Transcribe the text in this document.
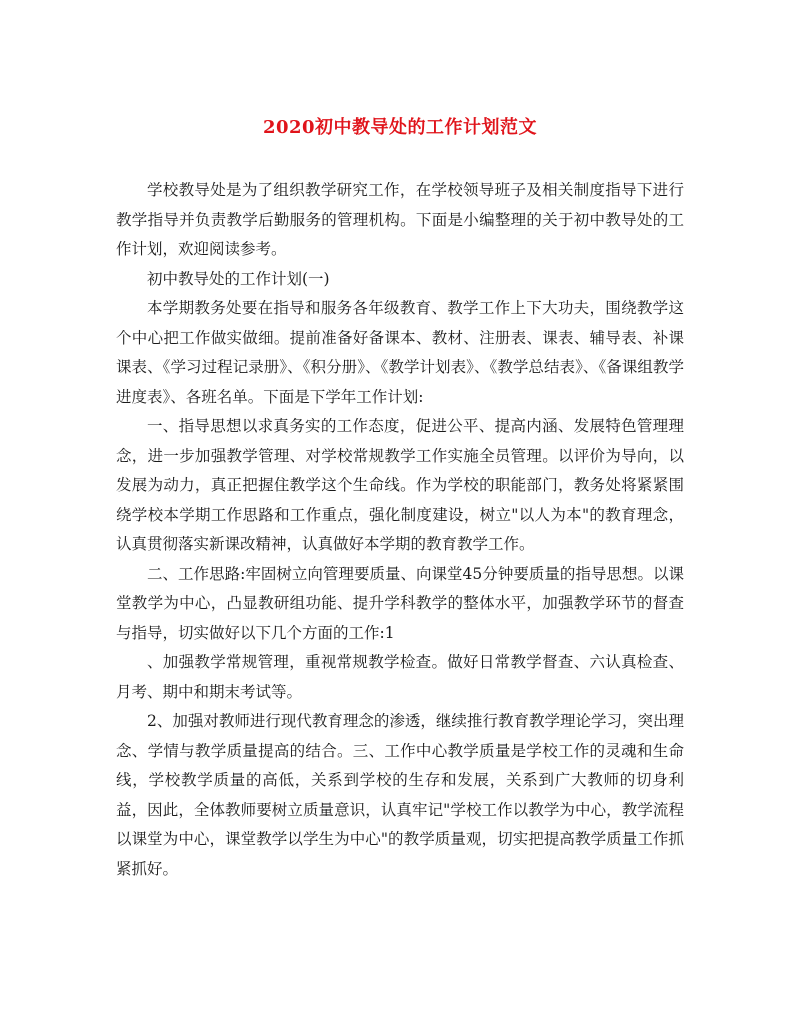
2020初中教导处的工作计划范文

学校教导处是为了组织教学研究工作，在学校领导班子及相关制度指导下进行教学指导并负责教学后勤服务的管理机构。下面是小编整理的关于初中教导处的工作计划，欢迎阅读参考。

初中教导处的工作计划(一)

本学期教务处要在指导和服务各年级教育、教学工作上下大功夫，围绕教学这个中心把工作做实做细。提前准备好备课本、教材、注册表、课表、辅导表、补课课表、《学习过程记录册》、《积分册》、《教学计划表》、《教学总结表》、《备课组教学进度表》、各班名单。下面是下学年工作计划:

一、指导思想以求真务实的工作态度，促进公平、提高内涵、发展特色管理理念，进一步加强教学管理、对学校常规教学工作实施全员管理。以评价为导向，以发展为动力，真正把握住教学这个生命线。作为学校的职能部门，教务处将紧紧围绕学校本学期工作思路和工作重点，强化制度建设，树立"以人为本"的教育理念，认真贯彻落实新课改精神，认真做好本学期的教育教学工作。

二、工作思路:牢固树立向管理要质量、向课堂45分钟要质量的指导思想。以课堂教学为中心，凸显教研组功能、提升学科教学的整体水平，加强教学环节的督查与指导，切实做好以下几个方面的工作:1

、加强教学常规管理，重视常规教学检查。做好日常教学督查、六认真检查、月考、期中和期末考试等。

2、加强对教师进行现代教育理念的渗透，继续推行教育教学理论学习，突出理念、学情与教学质量提高的结合。三、工作中心教学质量是学校工作的灵魂和生命线，学校教学质量的高低，关系到学校的生存和发展，关系到广大教师的切身利益，因此，全体教师要树立质量意识，认真牢记"学校工作以教学为中心，教学流程以课堂为中心，课堂教学以学生为中心"的教学质量观，切实把提高教学质量工作抓紧抓好。
